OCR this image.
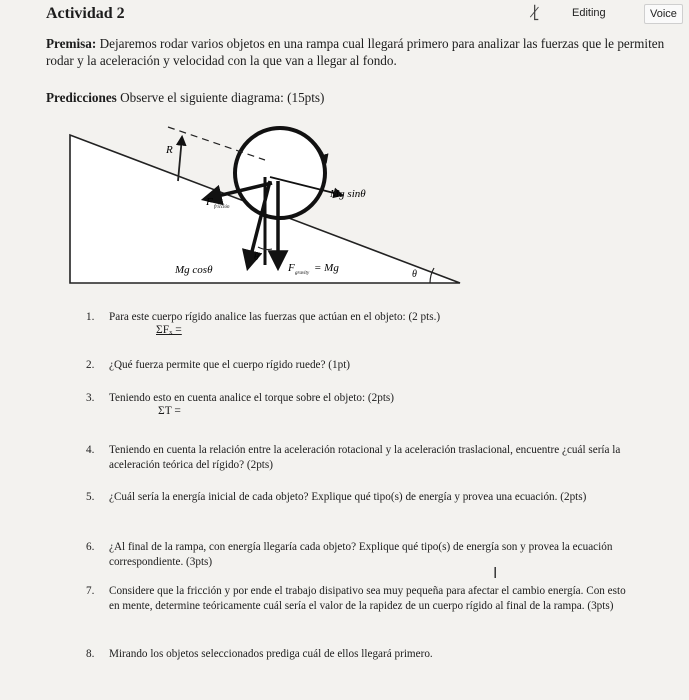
Actividad 2	⎣̸	Editing	Voice
Premisa: Dejaremos rodar varios objetos en una rampa cual llegará primero para analizar las fuerzas que le permiten rodar y la aceleración y velocidad con la que van a llegar al fondo.
Predicciones Observe el siguiente diagrama: (15pts)
R
F fricción
Mg sinθ
Mg cosθ
θ
F gravity = Mg
θ
1. Para este cuerpo rígido analice las fuerzas que actúan en el objeto: (2 pts.)
ΣFₓ =
2. ¿Qué fuerza permite que el cuerpo rígido ruede? (1pt)
3. Teniendo esto en cuenta analice el torque sobre el objeto: (2pts)
ΣT =
4. Teniendo en cuenta la relación entre la aceleración rotacional y la aceleración traslacional, encuentre ¿cuál sería la aceleración teórica del rígido? (2pts)
5. ¿Cuál sería la energía inicial de cada objeto? Explique qué tipo(s) de energía y provea una ecuación. (2pts)
6. ¿Al final de la rampa, con energía llegaría cada objeto? Explique qué tipo(s) de energía son y provea la ecuación correspondiente. (3pts)
I
7. Considere que la fricción y por ende el trabajo disipativo sea muy pequeña para afectar el cambio energía. Con esto en mente, determine teóricamente cuál sería el valor de la rapidez de un cuerpo rígido al final de la rampa. (3pts)
8. Mirando los objetos seleccionados prediga cuál de ellos llegará primero.
